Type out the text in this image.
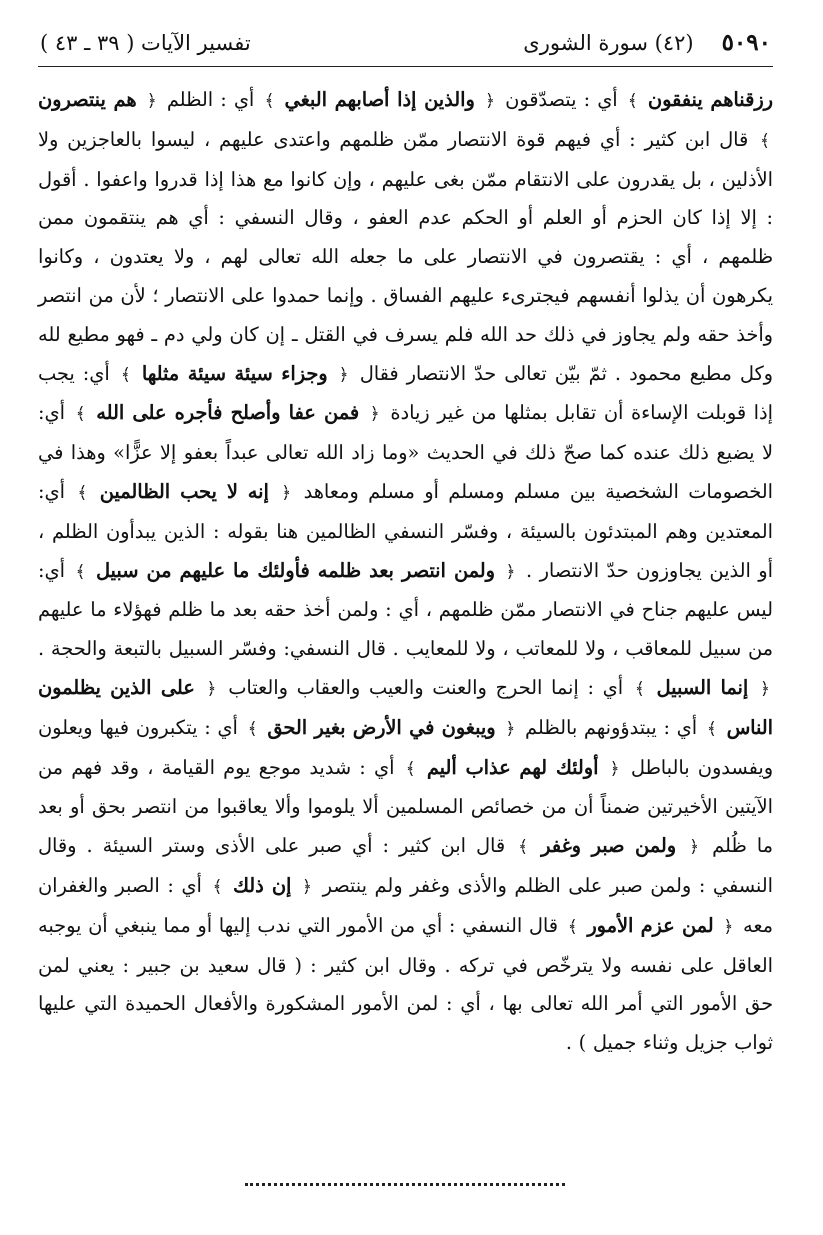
٥٠٩٠
(٤٢) سورة الشورى
تفسير الآيات ( ٣٩ ـ ٤٣ )

رزقناهم ينفقون ﴾ أي : يتصدّقون ﴿ والذين إذا أصابهم البغي ﴾ أي : الظلم ﴿ هم ينتصرون ﴾ قال ابن كثير : أي فيهم قوة الانتصار ممّن ظلمهم واعتدى عليهم ، ليسوا بالعاجزين ولا الأذلين ، بل يقدرون على الانتقام ممّن بغى عليهم ، وإن كانوا مع هذا إذا قدروا واعفوا . أقول : إلا إذا كان الحزم أو العلم أو الحكم عدم العفو ، وقال النسفي : أي هم ينتقمون ممن ظلمهم ، أي : يقتصرون في الانتصار على ما جعله الله تعالى لهم ، ولا يعتدون ، وكانوا يكرهون أن يذلوا أنفسهم فيجترىء عليهم الفساق . وإنما حمدوا على الانتصار ؛ لأن من انتصر وأخذ حقه ولم يجاوز في ذلك حد الله فلم يسرف في القتل ـ إن كان ولي دم ـ فهو مطيع لله وكل مطيع محمود . ثمّ بيّن تعالى حدّ الانتصار فقال ﴿ وجزاء سيئة سيئة مثلها ﴾ أي: يجب إذا قوبلت الإساءة أن تقابل بمثلها من غير زيادة ﴿ فمن عفا وأصلح فأجره على الله ﴾ أي: لا يضيع ذلك عنده كما صحّ ذلك في الحديث «وما زاد الله تعالى عبداً بعفو إلا عزًّا» وهذا في الخصومات الشخصية بين مسلم ومسلم أو مسلم ومعاهد ﴿ إنه لا يحب الظالمين ﴾ أي: المعتدين وهم المبتدئون بالسيئة ، وفسّر النسفي الظالمين هنا بقوله : الذين يبدأون الظلم ، أو الذين يجاوزون حدّ الانتصار . ﴿ ولمن انتصر بعد ظلمه فأولئك ما عليهم من سبيل ﴾ أي: ليس عليهم جناح في الانتصار ممّن ظلمهم ، أي : ولمن أخذ حقه بعد ما ظلم فهؤلاء ما عليهم من سبيل للمعاقب ، ولا للمعاتب ، ولا للمعايب . قال النسفي: وفسّر السبيل بالتبعة والحجة . ﴿ إنما السبيل ﴾ أي : إنما الحرج والعنت والعيب والعقاب والعتاب ﴿ على الذين يظلمون الناس ﴾ أي : يبتدؤونهم بالظلم ﴿ ويبغون في الأرض بغير الحق ﴾ أي : يتكبرون فيها ويعلون ويفسدون بالباطل ﴿ أولئك لهم عذاب أليم ﴾ أي : شديد موجع يوم القيامة ، وقد فهم من الآيتين الأخيرتين ضمناً أن من خصائص المسلمين ألا يلوموا وألا يعاقبوا من انتصر بحق أو بعد ما ظُلم ﴿ ولمن صبر وغفر ﴾ قال ابن كثير : أي صبر على الأذى وستر السيئة . وقال النسفي : ولمن صبر على الظلم والأذى وغفر ولم ينتصر ﴿ إن ذلك ﴾ أي : الصبر والغفران معه ﴿ لمن عزم الأمور ﴾ قال النسفي : أي من الأمور التي ندب إليها أو مما ينبغي أن يوجبه العاقل على نفسه ولا يترخّص في تركه . وقال ابن كثير : ( قال سعيد بن جبير : يعني لمن حق الأمور التي أمر الله تعالى بها ، أي : لمن الأمور المشكورة والأفعال الحميدة التي عليها ثواب جزيل وثناء جميل ) .
